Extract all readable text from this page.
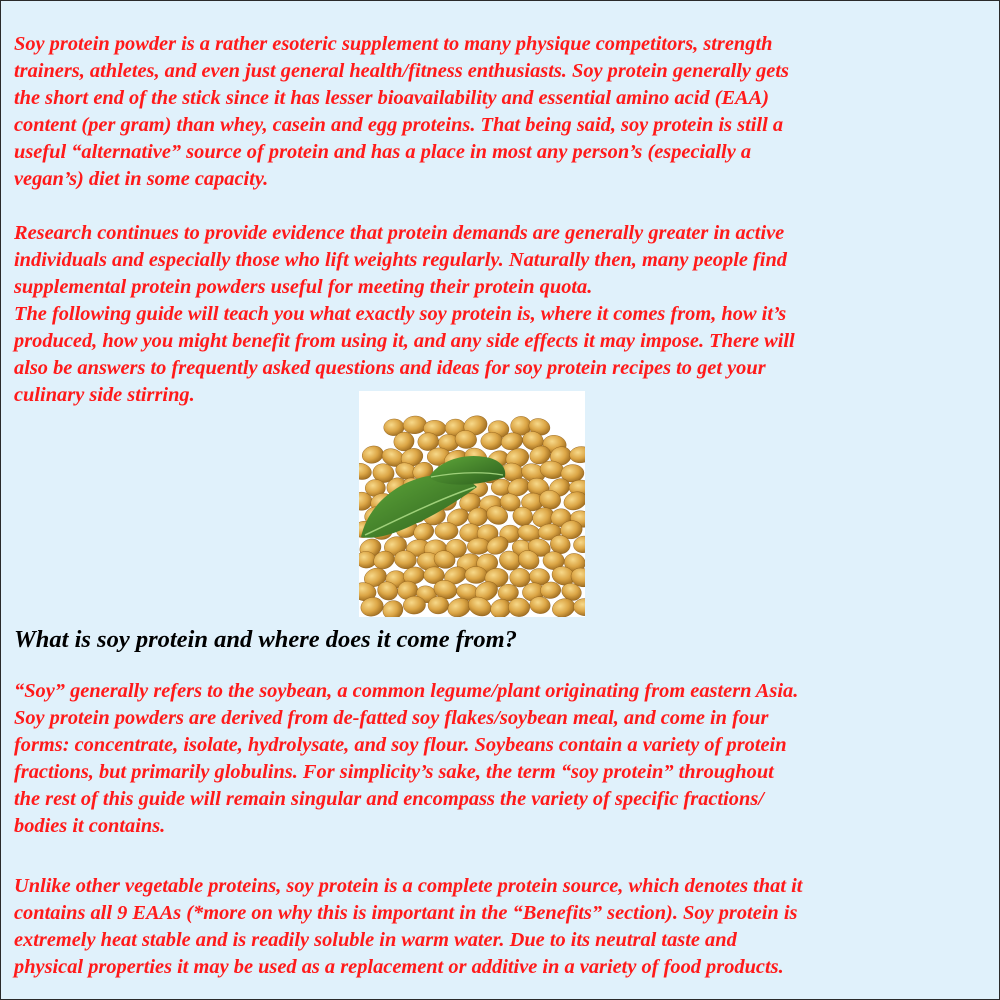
Soy protein powder is a rather esoteric supplement to many physique competitors, strength
trainers, athletes, and even just general health/fitness enthusiasts. Soy protein generally gets
the short end of the stick since it has lesser bioavailability and essential amino acid (EAA)
content (per gram) than whey, casein and egg proteins. That being said, soy protein is still a
useful “alternative” source of protein and has a place in most any person’s (especially a
vegan’s) diet in some capacity.

Research continues to provide evidence that protein demands are generally greater in active
individuals and especially those who lift weights regularly. Naturally then, many people find
supplemental protein powders useful for meeting their protein quota.
The following guide will teach you what exactly soy protein is, where it comes from, how it’s
produced, how you might benefit from using it, and any side effects it may impose. There will
also be answers to frequently asked questions and ideas for soy protein recipes to get your
culinary side stirring.

What is soy protein and where does it come from?

“Soy” generally refers to the soybean, a common legume/plant originating from eastern Asia.
Soy protein powders are derived from de-fatted soy flakes/soybean meal, and come in four
forms: concentrate, isolate, hydrolysate, and soy flour. Soybeans contain a variety of protein
fractions, but primarily globulins. For simplicity’s sake, the term “soy protein” throughout
the rest of this guide will remain singular and encompass the variety of specific fractions/
bodies it contains.

Unlike other vegetable proteins, soy protein is a complete protein source, which denotes that it
contains all 9 EAAs (*more on why this is important in the “Benefits” section). Soy protein is
extremely heat stable and is readily soluble in warm water. Due to its neutral taste and
physical properties it may be used as a replacement or additive in a variety of food products.
